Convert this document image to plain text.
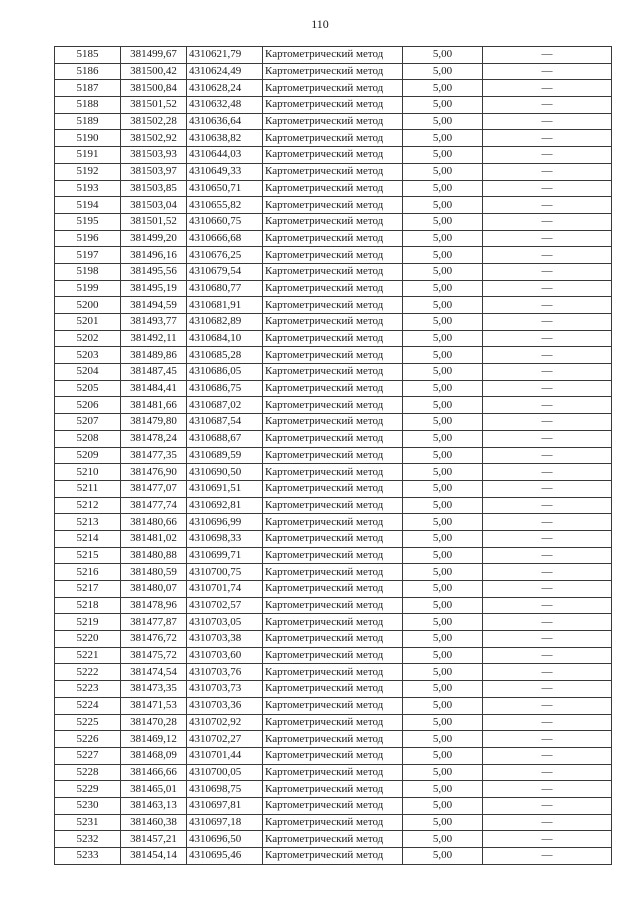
110
5185	381499,67	4310621,79	Картометрический метод	5,00	—
5186	381500,42	4310624,49	Картометрический метод	5,00	—
5187	381500,84	4310628,24	Картометрический метод	5,00	—
5188	381501,52	4310632,48	Картометрический метод	5,00	—
5189	381502,28	4310636,64	Картометрический метод	5,00	—
5190	381502,92	4310638,82	Картометрический метод	5,00	—
5191	381503,93	4310644,03	Картометрический метод	5,00	—
5192	381503,97	4310649,33	Картометрический метод	5,00	—
5193	381503,85	4310650,71	Картометрический метод	5,00	—
5194	381503,04	4310655,82	Картометрический метод	5,00	—
5195	381501,52	4310660,75	Картометрический метод	5,00	—
5196	381499,20	4310666,68	Картометрический метод	5,00	—
5197	381496,16	4310676,25	Картометрический метод	5,00	—
5198	381495,56	4310679,54	Картометрический метод	5,00	—
5199	381495,19	4310680,77	Картометрический метод	5,00	—
5200	381494,59	4310681,91	Картометрический метод	5,00	—
5201	381493,77	4310682,89	Картометрический метод	5,00	—
5202	381492,11	4310684,10	Картометрический метод	5,00	—
5203	381489,86	4310685,28	Картометрический метод	5,00	—
5204	381487,45	4310686,05	Картометрический метод	5,00	—
5205	381484,41	4310686,75	Картометрический метод	5,00	—
5206	381481,66	4310687,02	Картометрический метод	5,00	—
5207	381479,80	4310687,54	Картометрический метод	5,00	—
5208	381478,24	4310688,67	Картометрический метод	5,00	—
5209	381477,35	4310689,59	Картометрический метод	5,00	—
5210	381476,90	4310690,50	Картометрический метод	5,00	—
5211	381477,07	4310691,51	Картометрический метод	5,00	—
5212	381477,74	4310692,81	Картометрический метод	5,00	—
5213	381480,66	4310696,99	Картометрический метод	5,00	—
5214	381481,02	4310698,33	Картометрический метод	5,00	—
5215	381480,88	4310699,71	Картометрический метод	5,00	—
5216	381480,59	4310700,75	Картометрический метод	5,00	—
5217	381480,07	4310701,74	Картометрический метод	5,00	—
5218	381478,96	4310702,57	Картометрический метод	5,00	—
5219	381477,87	4310703,05	Картометрический метод	5,00	—
5220	381476,72	4310703,38	Картометрический метод	5,00	—
5221	381475,72	4310703,60	Картометрический метод	5,00	—
5222	381474,54	4310703,76	Картометрический метод	5,00	—
5223	381473,35	4310703,73	Картометрический метод	5,00	—
5224	381471,53	4310703,36	Картометрический метод	5,00	—
5225	381470,28	4310702,92	Картометрический метод	5,00	—
5226	381469,12	4310702,27	Картометрический метод	5,00	—
5227	381468,09	4310701,44	Картометрический метод	5,00	—
5228	381466,66	4310700,05	Картометрический метод	5,00	—
5229	381465,01	4310698,75	Картометрический метод	5,00	—
5230	381463,13	4310697,81	Картометрический метод	5,00	—
5231	381460,38	4310697,18	Картометрический метод	5,00	—
5232	381457,21	4310696,50	Картометрический метод	5,00	—
5233	381454,14	4310695,46	Картометрический метод	5,00	—
